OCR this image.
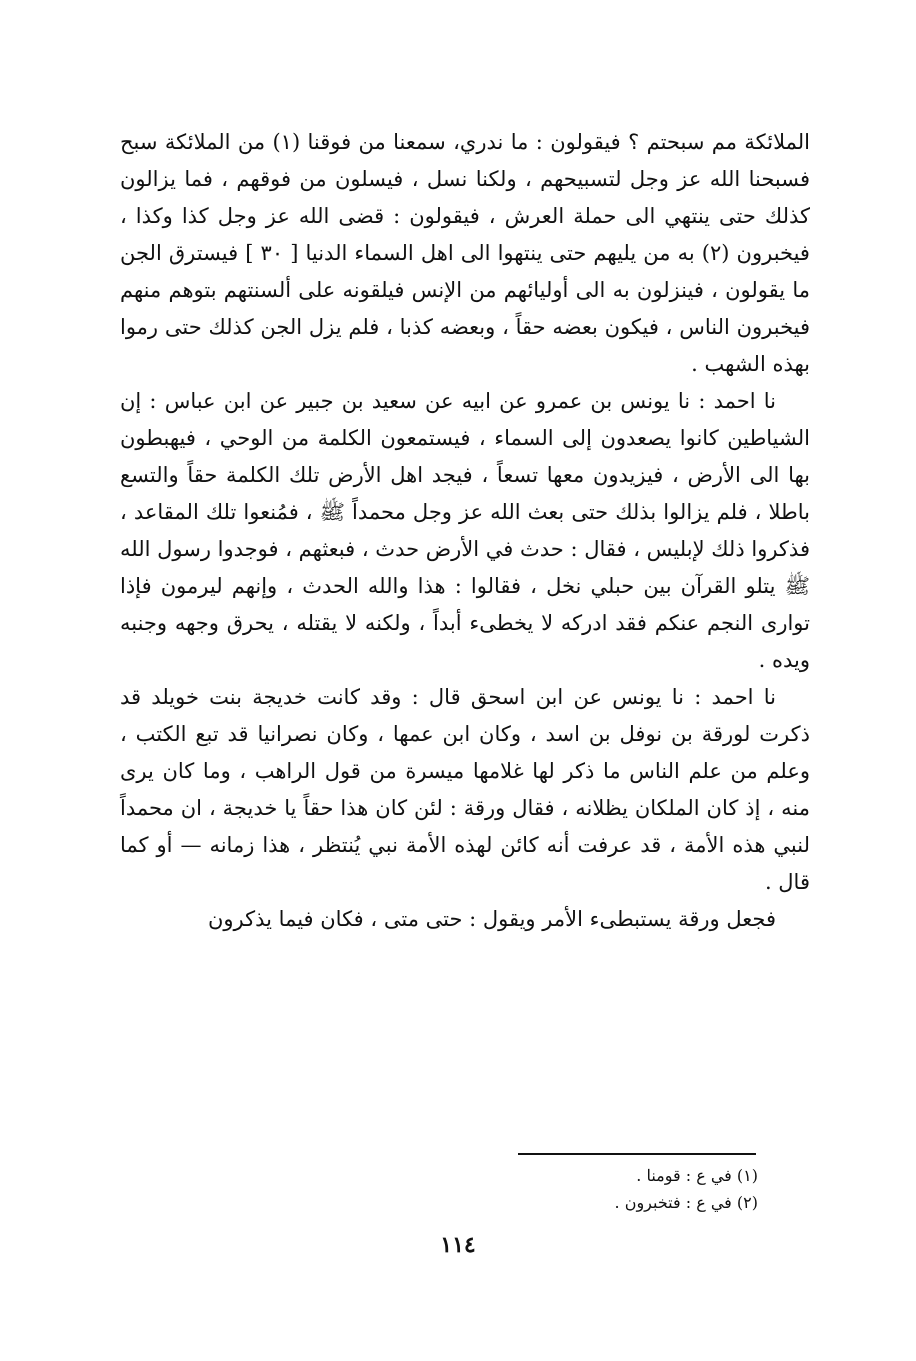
الملائكة مم سبحتم ؟ فيقولون : ما ندري، سمعنا من فوقنا (١) من الملائكة سبح فسبحنا الله عز وجل لتسبيحهم ، ولكنا نسل ، فيسلون من فوقهم ، فما يزالون كذلك حتى ينتهي الى حملة العرش ، فيقولون : قضى الله عز وجل كذا وكذا ، فيخبرون (٢) به من يليهم حتى ينتهوا الى اهل السماء الدنيا [ ٣٠ ] فيسترق الجن ما يقولون ، فينزلون به الى أوليائهم من الإنس فيلقونه على ألسنتهم بتوهم منهم فيخبرون الناس ، فيكون بعضه حقاً ، وبعضه كذبا ، فلم يزل الجن كذلك حتى رموا بهذه الشهب .

نا احمد : نا يونس بن عمرو عن ابيه عن سعيد بن جبير عن ابن عباس : إن الشياطين كانوا يصعدون إلى السماء ، فيستمعون الكلمة من الوحي ، فيهبطون بها الى الأرض ، فيزيدون معها تسعاً ، فيجد اهل الأرض تلك الكلمة حقاً والتسع باطلا ، فلم يزالوا بذلك حتى بعث الله عز وجل محمداً ﷺ ، فمُنعوا تلك المقاعد ، فذكروا ذلك لإبليس ، فقال : حدث في الأرض حدث ، فبعثهم ، فوجدوا رسول الله ﷺ يتلو القرآن بين حبلي نخل ، فقالوا : هذا والله الحدث ، وإنهم ليرمون فإذا توارى النجم عنكم فقد ادركه لا يخطىء أبداً ، ولكنه لا يقتله ، يحرق وجهه وجنبه ويده .

نا احمد : نا يونس عن ابن اسحق قال : وقد كانت خديجة بنت خويلد قد ذكرت لورقة بن نوفل بن اسد ، وكان ابن عمها ، وكان نصرانيا قد تبع الكتب ، وعلم من علم الناس ما ذكر لها غلامها ميسرة من قول الراهب ، وما كان يرى منه ، إذ كان الملكان يظلانه ، فقال ورقة : لئن كان هذا حقاً يا خديجة ، ان محمداً لنبي هذه الأمة ، قد عرفت أنه كائن لهذه الأمة نبي يُنتظر ، هذا زمانه — أو كما قال .

فجعل ورقة يستبطىء الأمر ويقول : حتى متى ، فكان فيما يذكرون

(١) في ع : قومنا .

(٢) في ع : فتخبرون .

١١٤
